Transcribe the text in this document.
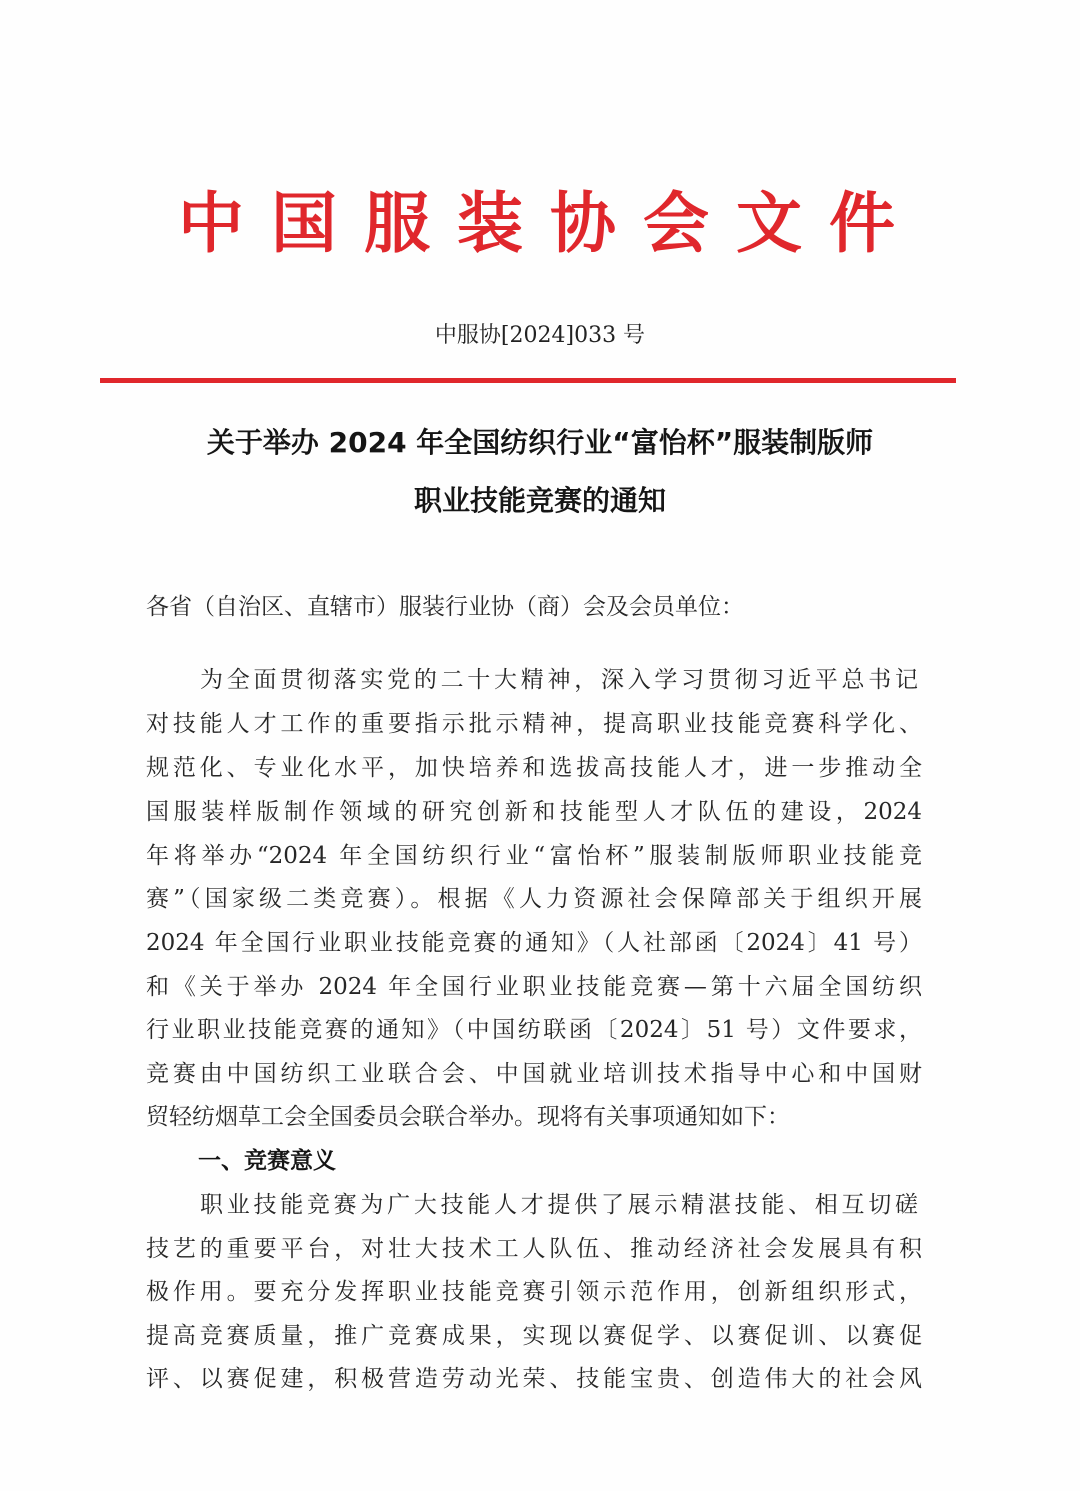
中国服装协会文件
中服协[2024]033 号
关于举办 2024 年全国纺织行业“富怡杯”服装制版师
职业技能竞赛的通知
各省（自治区、直辖市）服装行业协（商）会及会员单位：
为全面贯彻落实党的二十大精神，深入学习贯彻习近平总书记
对技能人才工作的重要指示批示精神，提高职业技能竞赛科学化、
规范化、专业化水平，加快培养和选拔高技能人才，进一步推动全
国服装样版制作领域的研究创新和技能型人才队伍的建设，2024
年将举办“2024 年全国纺织行业“富怡杯”服装制版师职业技能竞
赛”（国家级二类竞赛）。根据《人力资源社会保障部关于组织开展
2024 年全国行业职业技能竞赛的通知》（人社部函〔2024〕41 号）
和《关于举办 2024 年全国行业职业技能竞赛—第十六届全国纺织
行业职业技能竞赛的通知》（中国纺联函〔2024〕51 号）文件要求，
竞赛由中国纺织工业联合会、中国就业培训技术指导中心和中国财
贸轻纺烟草工会全国委员会联合举办。现将有关事项通知如下：
一、竞赛意义
职业技能竞赛为广大技能人才提供了展示精湛技能、相互切磋
技艺的重要平台，对壮大技术工人队伍、推动经济社会发展具有积
极作用。要充分发挥职业技能竞赛引领示范作用，创新组织形式，
提高竞赛质量，推广竞赛成果，实现以赛促学、以赛促训、以赛促
评、以赛促建，积极营造劳动光荣、技能宝贵、创造伟大的社会风
